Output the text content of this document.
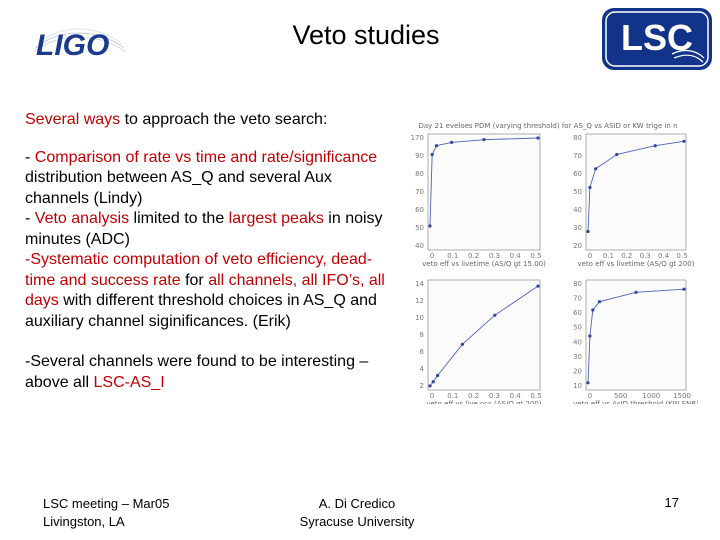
LIGO	Veto studies	LSC

Several ways to approach the veto search:

- Comparison of rate vs time and rate/significance distribution between AS_Q and several Aux channels (Lindy)

- Veto analysis limited to the largest peaks in noisy minutes (ADC)

-Systematic computation of veto efficiency, dead-time and success rate for all channels, all IFO’s, all days with different threshold choices in AS_Q and auxiliary channel siginificances. (Erik)

-Several channels were found to be interesting – above all LSC-AS_I

Day 21 eveloes PDM (varying threshold) for AS_Q vs ASID or KW trige in n
170
90
80
70
60
50
40
0 0.1 0.2 0.3 0.4 0.5
veto eff vs livetime (AS/Q gt 15.00)
80
70
60
50
40
30
20
0 0.1 0.2 0.3 0.4 0.5
veto eff vs livetime (AS/Q gt 200)
14
12
10
8
6
4
2
0 0.1 0.2 0.3 0.4 0.5
veto eff vs live ocs (AS/Q gt 200)
80
70
60
50
40
30
20
10
0	500 1000 1500
veto eff vs AsID threshold (KW SNR)
LSC meeting – Mar05
Livingston, LA
A. Di Credico
Syracuse University
17
